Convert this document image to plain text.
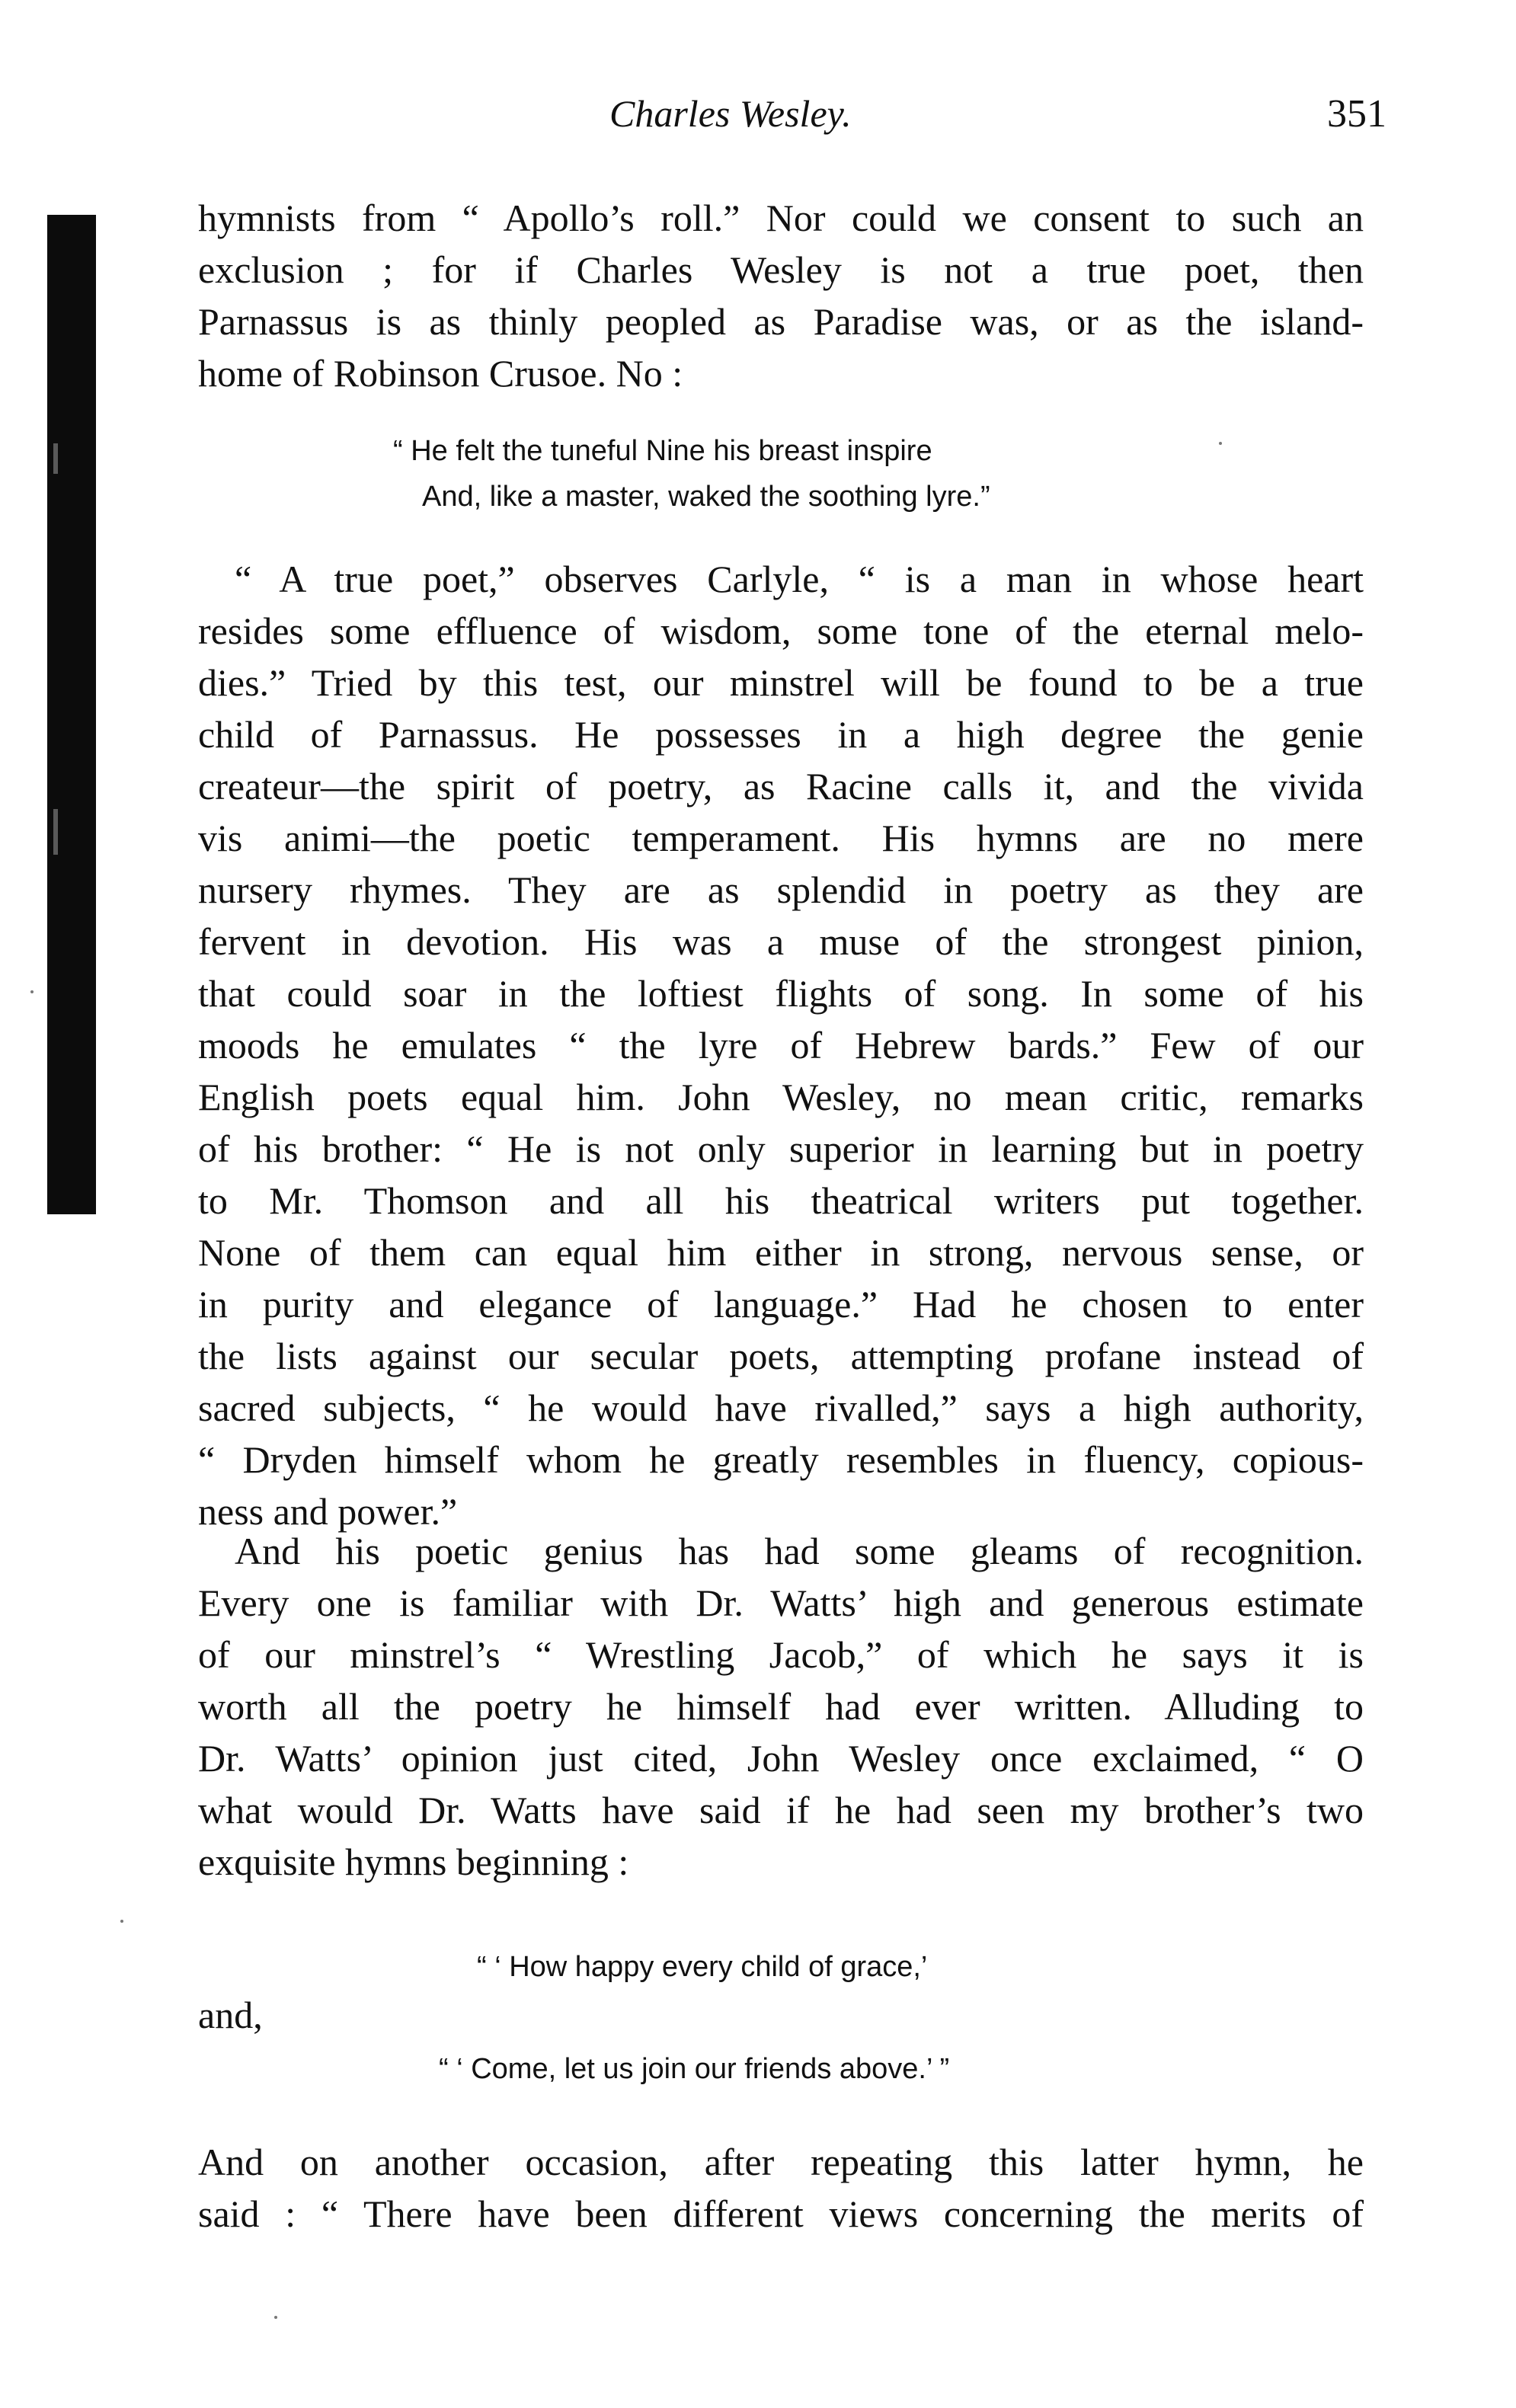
Charles Wesley.	351
hymnists from “ Apollo’s roll.” Nor could we consent to such an
exclusion ; for if Charles Wesley is not a true poet, then
Parnassus is as thinly peopled as Paradise was, or as the island-
home of Robinson Crusoe. No :
“ He felt the tuneful Nine his breast inspire
And, like a master, waked the soothing lyre.”
“ A true poet,” observes Carlyle, “ is a man in whose heart
resides some effluence of wisdom, some tone of the eternal melo-
dies.” Tried by this test, our minstrel will be found to be a true
child of Parnassus. He possesses in a high degree the genie
createur—the spirit of poetry, as Racine calls it, and the vivida
vis animi—the poetic temperament. His hymns are no mere
nursery rhymes. They are as splendid in poetry as they are
fervent in devotion. His was a muse of the strongest pinion,
that could soar in the loftiest flights of song. In some of his
moods he emulates “ the lyre of Hebrew bards.” Few of our
English poets equal him. John Wesley, no mean critic, remarks
of his brother: “ He is not only superior in learning but in poetry
to Mr. Thomson and all his theatrical writers put together.
None of them can equal him either in strong, nervous sense, or
in purity and elegance of language.” Had he chosen to enter
the lists against our secular poets, attempting profane instead of
sacred subjects, “ he would have rivalled,” says a high authority,
“ Dryden himself whom he greatly resembles in fluency, copious-
ness and power.”
And his poetic genius has had some gleams of recognition.
Every one is familiar with Dr. Watts’ high and generous estimate
of our minstrel’s “ Wrestling Jacob,” of which he says it is
worth all the poetry he himself had ever written. Alluding to
Dr. Watts’ opinion just cited, John Wesley once exclaimed, “ O
what would Dr. Watts have said if he had seen my brother’s two
exquisite hymns beginning :
“ ‘ How happy every child of grace,’
and,
“ ‘ Come, let us join our friends above.’ ”
And on another occasion, after repeating this latter hymn, he
said : “ There have been different views concerning the merits of
